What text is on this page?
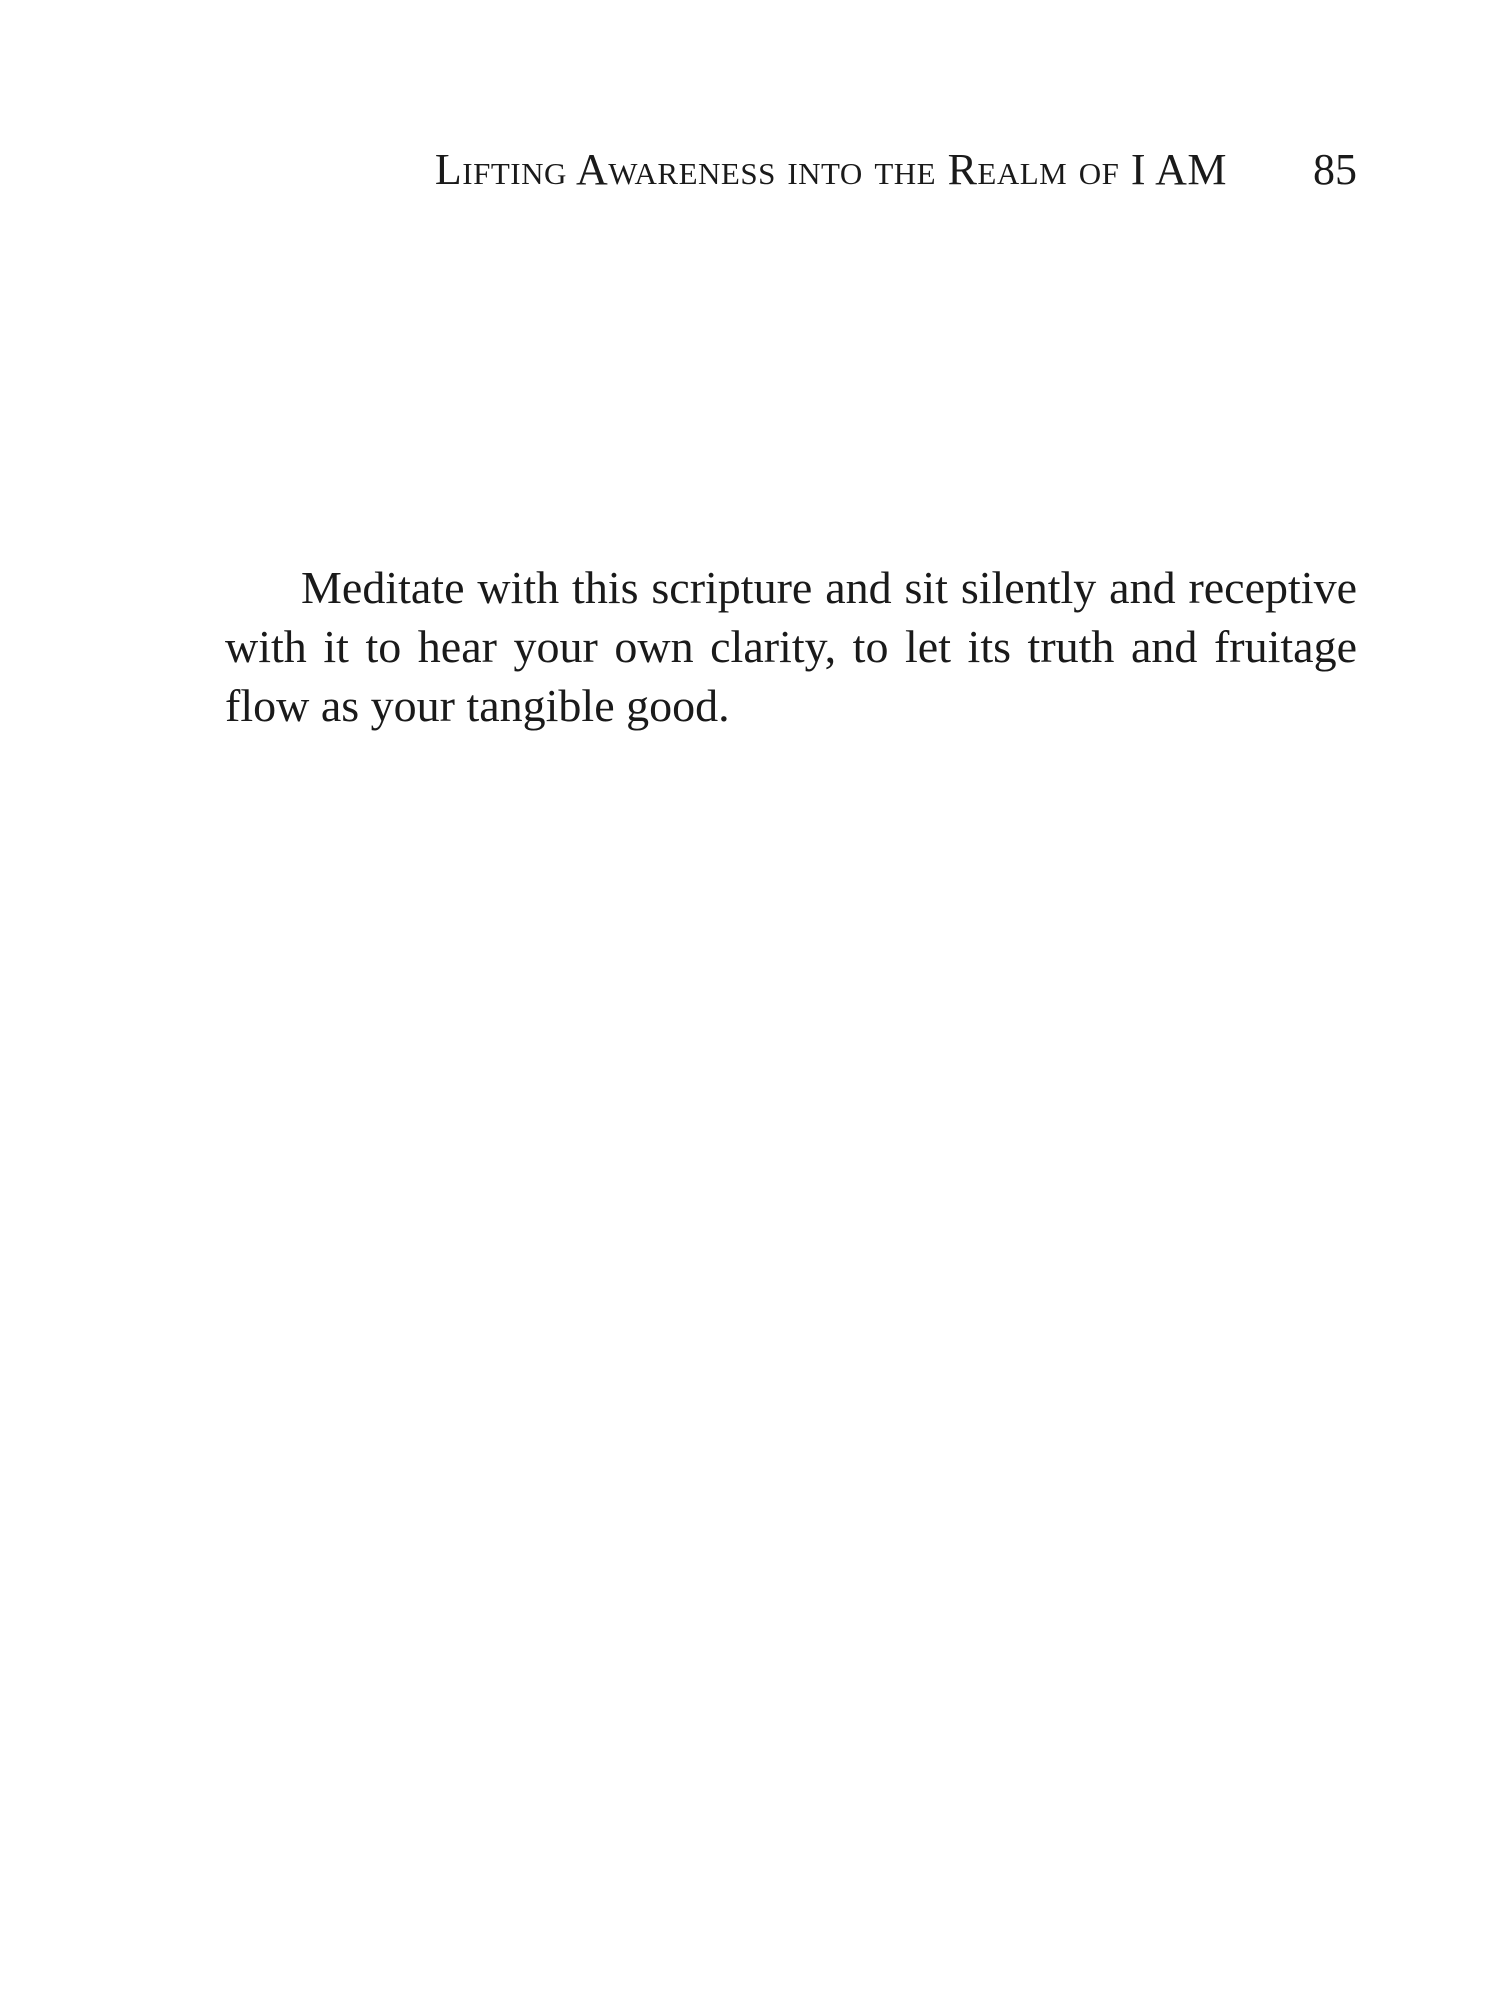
Lifting Awareness into the Realm of I AM 85

Meditate with this scripture and sit silently and receptive with it to hear your own clarity, to let its truth and fruitage flow as your tangible good.
